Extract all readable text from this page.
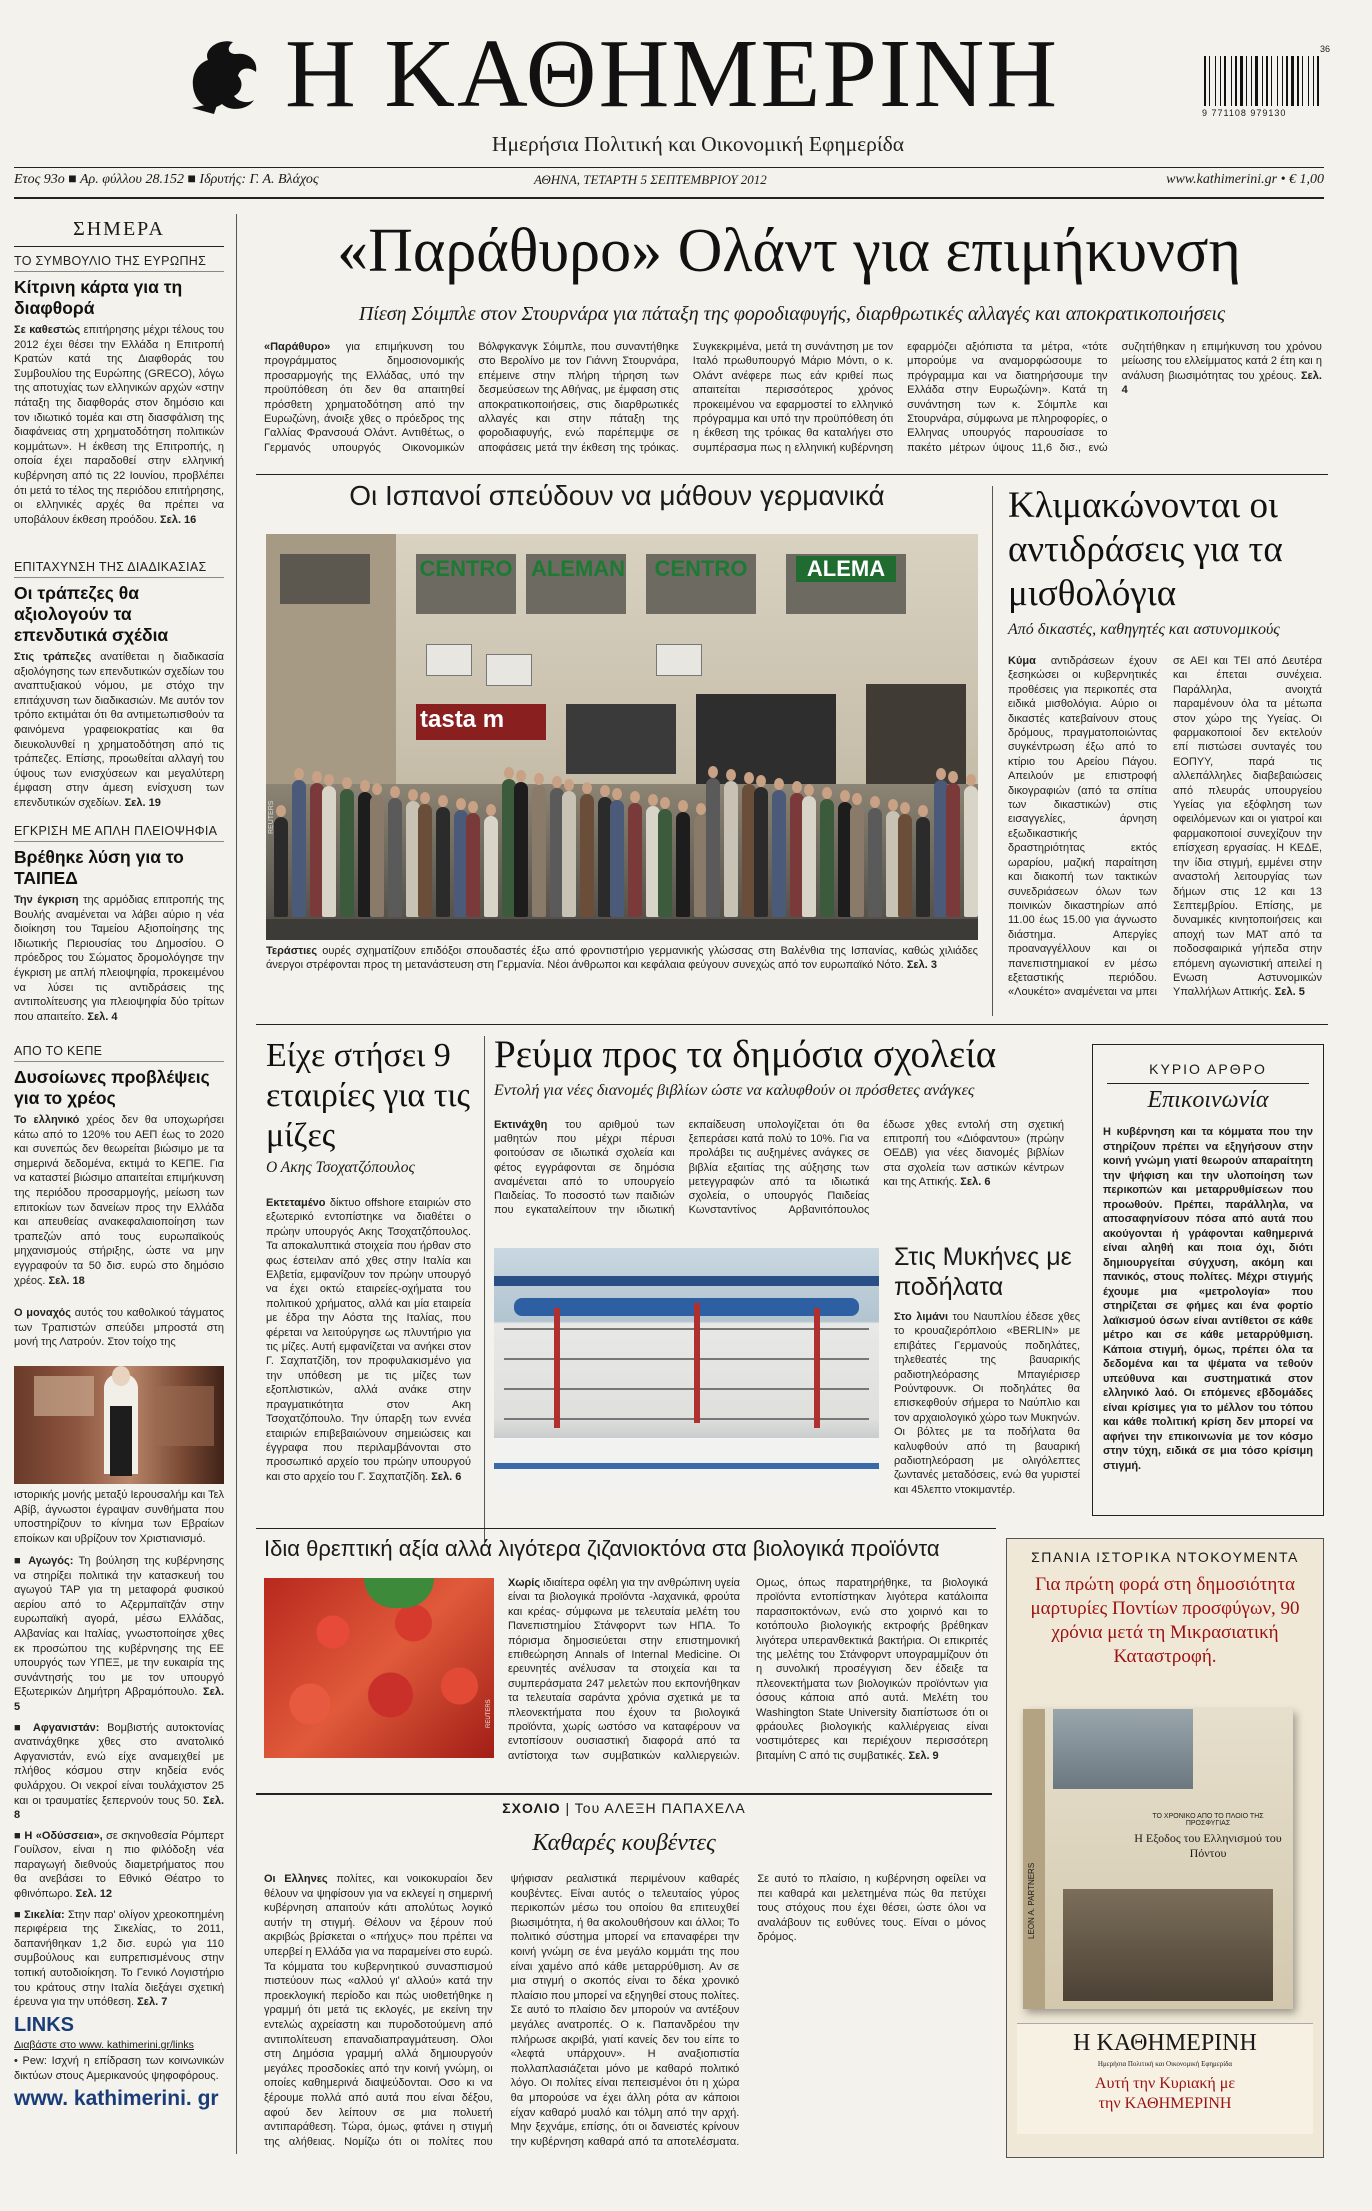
Η ΚΑΘΗΜΕΡΙΝΗ
Ημερήσια Πολιτική και Οικονομική Εφημερίδα
36
9 771108 979130
Ετος 93ο ■ Αρ. φύλλου 28.152 ■ Ιδρυτής: Γ. Α. Βλάχος	ΑΘΗΝΑ, ΤΕΤΑΡΤΗ 5 ΣΕΠΤΕΜΒΡΙΟΥ 2012	www.kathimerini.gr • € 1,00
ΣΗΜΕΡΑ
ΤΟ ΣΥΜΒΟΥΛΙΟ ΤΗΣ ΕΥΡΩΠΗΣ
Κίτρινη κάρτα για τη διαφθορά

Σε καθεστώς επιτήρησης μέχρι τέλους του 2012 έχει θέσει την Ελλάδα η Επιτροπή Κρατών κατά της Διαφθοράς του Συμβουλίου της Ευρώπης (GRECO), λόγω της αποτυχίας των ελληνικών αρχών «στην πάταξη της διαφθοράς στον δημόσιο και τον ιδιωτικό τομέα και στη διασφάλιση της διαφάνειας στη χρηματοδότηση πολιτικών κομμάτων». Η έκθεση της Επιτροπής, η οποία έχει παραδοθεί στην ελληνική κυβέρνηση από τις 22 Ιουνίου, προβλέπει ότι μετά το τέλος της περιόδου επιτήρησης, οι ελληνικές αρχές θα πρέπει να υποβάλουν έκθεση προόδου. Σελ. 16

ΕΠΙΤΑΧΥΝΣΗ ΤΗΣ ΔΙΑΔΙΚΑΣΙΑΣ
Οι τράπεζες θα αξιολογούν τα επενδυτικά σχέδια

Στις τράπεζες ανατίθεται η διαδικασία αξιολόγησης των επενδυτικών σχεδίων του αναπτυξιακού νόμου, με στόχο την επιτάχυνση των διαδικασιών. Με αυτόν τον τρόπο εκτιμάται ότι θα αντιμετωπισθούν τα φαινόμενα γραφειοκρατίας και θα διευκολυνθεί η χρηματοδότηση από τις τράπεζες. Επίσης, προωθείται αλλαγή του ύψους των ενισχύσεων και μεγαλύτερη έμφαση στην άμεση ενίσχυση των επενδυτικών σχεδίων. Σελ. 19

ΕΓΚΡΙΣΗ ΜΕ ΑΠΛΗ ΠΛΕΙΟΨΗΦΙΑ
Βρέθηκε λύση για το ΤΑΙΠΕΔ

Την έγκριση της αρμόδιας επιτροπής της Βουλής αναμένεται να λάβει αύριο η νέα διοίκηση του Ταμείου Αξιοποίησης της Ιδιωτικής Περιουσίας του Δημοσίου. Ο πρόεδρος του Σώματος δρομολόγησε την έγκριση με απλή πλειοψηφία, προκειμένου να λύσει τις αντιδράσεις της αντιπολίτευσης για πλειοψηφία δύο τρίτων που απαιτείτο. Σελ. 4

ΑΠΟ ΤΟ ΚΕΠΕ
Δυσοίωνες προβλέψεις για το χρέος

Το ελληνικό χρέος δεν θα υποχωρήσει κάτω από το 120% του ΑΕΠ έως το 2020 και συνεπώς δεν θεωρείται βιώσιμο με τα σημερινά δεδομένα, εκτιμά το ΚΕΠΕ. Για να καταστεί βιώσιμο απαιτείται επιμήκυνση της περιόδου προσαρμογής, μείωση των επιτοκίων των δανείων προς την Ελλάδα και απευθείας ανακεφαλαιοποίηση των τραπεζών από τους ευρωπαϊκούς μηχανισμούς στήριξης, ώστε να μην εγγραφούν τα 50 δισ. ευρώ στο δημόσιο χρέος. Σελ. 18

Ο μοναχός αυτός του καθολικού τάγματος των Τραπιστών σπεύδει μπροστά στη μονή της Λατρούν. Στον τοίχο της

ιστορικής μονής μεταξύ Ιερουσαλήμ και Τελ Αβίβ, άγνωστοι έγραψαν συνθήματα που υποστηρίζουν το κίνημα των Εβραίων εποίκων και υβρίζουν τον Χριστιανισμό.

■ Αγωγός: Τη βούληση της κυβέρνησης να στηρίξει πολιτικά την κατασκευή του αγωγού TAP για τη μεταφορά φυσικού αερίου από το Αζερμπαϊτζάν στην ευρωπαϊκή αγορά, μέσω Ελλάδας, Αλβανίας και Ιταλίας, γνωστοποίησε χθες εκ προσώπου της κυβέρνησης της ΕΕ υπουργός των ΥΠΕΞ, με την ευκαιρία της συνάντησής του με τον υπουργό Εξωτερικών Δημήτρη Αβραμόπουλο. Σελ. 5

■ Αφγανιστάν: Βομβιστής αυτοκτονίας ανατινάχθηκε χθες στο ανατολικό Αφγανιστάν, ενώ είχε αναμειχθεί με πλήθος κόσμου στην κηδεία ενός φυλάρχου. Οι νεκροί είναι τουλάχιστον 25 και οι τραυματίες ξεπερνούν τους 50. Σελ. 8

■ Η «Οδύσσεια», σε σκηνοθεσία Ρόμπερτ Γουίλσον, είναι η πιο φιλόδοξη νέα παραγωγή διεθνούς διαμετρήματος που θα ανεβάσει το Εθνικό Θέατρο το φθινόπωρο. Σελ. 12

■ Σικελία: Στην παρ' ολίγον χρεοκοπημένη περιφέρεια της Σικελίας, το 2011, δαπανήθηκαν 1,2 δισ. ευρώ για 110 συμβούλους και ευπρεπισμένους στην τοπική αυτοδιοίκηση. Το Γενικό Λογιστήριο του κράτους στην Ιταλία διεξάγει σχετική έρευνα για την υπόθεση. Σελ. 7

LINKS
Διαβάστε στο www. kathimerini.gr/links

• Pew: Ισχνή η επίδραση των κοινωνικών δικτύων στους Αμερικανούς ψηφοφόρους.

www. kathimerini. gr
«Παράθυρο» Ολάντ για επιμήκυνση
Πίεση Σόιμπλε στον Στουρνάρα για πάταξη της φοροδιαφυγής, διαρθρωτικές αλλαγές και αποκρατικοποιήσεις

«Παράθυρο» για επιμήκυνση του προγράμματος δημοσιονομικής προσαρμογής της Ελλάδας, υπό την προϋπόθεση ότι δεν θα απαιτηθεί πρόσθετη χρηματοδότηση από την Ευρωζώνη, άνοιξε χθες ο πρόεδρος της Γαλλίας Φρανσουά Ολάντ. Αντιθέτως, ο Γερμανός υπουργός Οικονομικών Βόλφγκανγκ Σόιμπλε, που συναντήθηκε στο Βερολίνο με τον Γιάννη Στουρνάρα, επέμεινε στην πλήρη τήρηση των δεσμεύσεων της Αθήνας, με έμφαση στις αποκρατικοποιήσεις, στις διαρθρωτικές αλλαγές και στην πάταξη της φοροδιαφυγής, ενώ παρέπεμψε σε αποφάσεις μετά την έκθεση της τρόικας. Συγκεκριμένα, μετά τη συνάντηση με τον Ιταλό πρωθυπουργό Μάριο Μόντι, ο κ. Ολάντ ανέφερε πως εάν κριθεί πως απαιτείται περισσότερος χρόνος προκειμένου να εφαρμοστεί το ελληνικό πρόγραμμα και υπό την προϋπόθεση ότι η έκθεση της τρόικας θα καταλήγει στο συμπέρασμα πως η ελληνική κυβέρνηση εφαρμόζει αξιόπιστα τα μέτρα, «τότε μπορούμε να αναμορφώσουμε το πρόγραμμα και να διατηρήσουμε την Ελλάδα στην Ευρωζώνη». Κατά τη συνάντηση των κ. Σόιμπλε και Στουρνάρα, σύμφωνα με πληροφορίες, ο Ελληνας υπουργός παρουσίασε το πακέτο μέτρων ύψους 11,6 δισ., ενώ συζητήθηκαν η επιμήκυνση του χρόνου μείωσης του ελλείμματος κατά 2 έτη και η ανάλυση βιωσιμότητας του χρέους. Σελ. 4

Οι Ισπανοί σπεύδουν να μάθουν γερμανικά
CENTRO ALEMAN	CENTRO	ALEMA
tasta m
REUTERS

Τεράστιες ουρές σχηματίζουν επιδόξοι σπουδαστές έξω από φροντιστήριο γερμανικής γλώσσας στη Βαλένθια της Ισπανίας, καθώς χιλιάδες άνεργοι στρέφονται προς τη μετανάστευση στη Γερμανία. Νέοι άνθρωποι και κεφάλαια φεύγουν συνεχώς από τον ευρωπαϊκό Νότο. Σελ. 3

Κλιμακώνονται οι αντιδράσεις για τα μισθολόγια
Από δικαστές, καθηγητές και αστυνομικούς

Κύμα αντιδράσεων έχουν ξεσηκώσει οι κυβερνητικές προθέσεις για περικοπές στα ειδικά μισθολόγια. Αύριο οι δικαστές κατεβαίνουν στους δρόμους, πραγματοποιώντας συγκέντρωση έξω από το κτίριο του Αρείου Πάγου. Απειλούν με επιστροφή δικογραφιών (από τα σπίτια των δικαστικών) στις εισαγγελίες, άρνηση εξωδικαστικής δραστηριότητας εκτός ωραρίου, μαζική παραίτηση και διακοπή των τακτικών συνεδριάσεων όλων των ποινικών δικαστηρίων από 11.00 έως 15.00 για άγνωστο διάστημα. Απεργίες προαναγγέλλουν και οι πανεπιστημιακοί εν μέσω εξεταστικής περιόδου. «Λουκέτο» αναμένεται να μπει σε ΑΕΙ και ΤΕΙ από Δευτέρα και έπεται συνέχεια. Παράλληλα, ανοιχτά παραμένουν όλα τα μέτωπα στον χώρο της Υγείας. Οι φαρμακοποιοί δεν εκτελούν επί πιστώσει συνταγές του ΕΟΠΥΥ, παρά τις αλλεπάλληλες διαβεβαιώσεις από πλευράς υπουργείου Υγείας για εξόφληση των οφειλόμενων και οι γιατροί και φαρμακοποιοί συνεχίζουν την επίσχεση εργασίας. Η ΚΕΔΕ, την ίδια στιγμή, εμμένει στην αναστολή λειτουργίας των δήμων στις 12 και 13 Σεπτεμβρίου. Επίσης, με δυναμικές κινητοποιήσεις και αποχή των ΜΑΤ από τα ποδοσφαιρικά γήπεδα στην επόμενη αγωνιστική απειλεί η Ενωση Αστυνομικών Υπαλλήλων Αττικής. Σελ. 5

Είχε στήσει 9 εταιρίες για τις μίζες
Ο Ακης Τσοχατζόπουλος

Εκτεταμένο δίκτυο offshore εταιριών στο εξωτερικό εντοπίστηκε να διαθέτει ο πρώην υπουργός Ακης Τσοχατζόπουλος. Τα αποκαλυπτικά στοιχεία που ήρθαν στο φως έστειλαν από χθες στην Ιταλία και Ελβετία, εμφανίζουν τον πρώην υπουργό να έχει οκτώ εταιρείες-οχήματα του πολιτικού χρήματος, αλλά και μία εταιρεία με έδρα την Αόστα της Ιταλίας, που φέρεται να λειτούργησε ως πλυντήριο για τις μίζες. Αυτή εμφανίζεται να ανήκει στον Γ. Σαχπατζίδη, τον προφυλακισμένο για την υπόθεση με τις μίζες των εξοπλιστικών, αλλά ανάκε στην πραγματικότητα στον Ακη Τσοχατζόπουλο. Την ύπαρξη των εννέα εταιριών επιβεβαιώνουν σημειώσεις και έγγραφα που περιλαμβάνονται στο προσωπικό αρχείο του πρώην υπουργού και στο αρχείο του Γ. Σαχπατζίδη. Σελ. 6

Ρεύμα προς τα δημόσια σχολεία
Εντολή για νέες διανομές βιβλίων ώστε να καλυφθούν οι πρόσθετες ανάγκες

Εκτινάχθη του αριθμού των μαθητών που μέχρι πέρυσι φοιτούσαν σε ιδιωτικά σχολεία και φέτος εγγράφονται σε δημόσια αναμένεται από το υπουργείο Παιδείας. Το ποσοστό των παιδιών που εγκαταλείπουν την ιδιωτική εκπαίδευση υπολογίζεται ότι θα ξεπεράσει κατά πολύ το 10%. Για να προλάβει τις αυξημένες ανάγκες σε βιβλία εξαιτίας της αύξησης των μετεγγραφών από τα ιδιωτικά σχολεία, ο υπουργός Παιδείας Κωνσταντίνος Αρβανιτόπουλος έδωσε χθες εντολή στη σχετική επιτροπή του «Διόφαντου» (πρώην ΟΕΔΒ) για νέες διανομές βιβλίων στα σχολεία των αστικών κέντρων και της Αττικής. Σελ. 6

Στις Μυκήνες με ποδήλατα

Στο λιμάνι του Ναυπλίου έδεσε χθες το κρουαζιερόπλοιο «BERLIN» με επιβάτες Γερμανούς ποδηλάτες, τηλεθεατές της βαυαρικής ραδιοτηλεόρασης Μπαγιέρισερ Ρούντφουνκ. Οι ποδηλάτες θα επισκεφθούν σήμερα το Ναύπλιο και τον αρχαιολογικό χώρο των Μυκηνών. Οι βόλτες με τα ποδήλατα θα καλυφθούν από τη βαυαρική ραδιοτηλεόραση με ολιγόλεπτες ζωντανές μεταδόσεις, ενώ θα γυριστεί και 45λεπτο ντοκιμαντέρ.

ΚΥΡΙΟ ΑΡΘΡΟ
Επικοινωνία

Η κυβέρνηση και τα κόμματα που την στηρίζουν πρέπει να εξηγήσουν στην κοινή γνώμη γιατί θεωρούν απαραίτητη την ψήφιση και την υλοποίηση των περικοπών και μεταρρυθμίσεων που προωθούν. Πρέπει, παράλληλα, να αποσαφηνίσουν πόσα από αυτά που ακούγονται ή γράφονται καθημερινά είναι αληθή και ποια όχι, διότι δημιουργείται σύγχυση, ακόμη και πανικός, στους πολίτες. Μέχρι στιγμής έχουμε μια «μετρολογία» που στηρίζεται σε φήμες και ένα φορτίο λαϊκισμού όσων είναι αντίθετοι σε κάθε μέτρο και σε κάθε μεταρρύθμιση. Κάποια στιγμή, όμως, πρέπει όλα τα δεδομένα και τα ψέματα να τεθούν υπεύθυνα και συστηματικά στον ελληνικό λαό. Οι επόμενες εβδομάδες είναι κρίσιμες για το μέλλον του τόπου και κάθε πολιτική κρίση δεν μπορεί να αφήνει την επικοινωνία με τον κόσμο στην τύχη, ειδικά σε μια τόσο κρίσιμη στιγμή.

Ιδια θρεπτική αξία αλλά λιγότερα ζιζανιοκτόνα στα βιολογικά προϊόντα
REUTERS

Χωρίς ιδιαίτερα οφέλη για την ανθρώπινη υγεία είναι τα βιολογικά προϊόντα -λαχανικά, φρούτα και κρέας- σύμφωνα με τελευταία μελέτη του Πανεπιστημίου Στάνφορντ των ΗΠΑ. Το πόρισμα δημοσιεύεται στην επιστημονική επιθεώρηση Annals of Internal Medicine. Οι ερευνητές ανέλυσαν τα στοιχεία και τα συμπεράσματα 247 μελετών που εκπονήθηκαν τα τελευταία σαράντα χρόνια σχετικά με τα πλεονεκτήματα που έχουν τα βιολογικά προϊόντα, χωρίς ωστόσο να καταφέρουν να εντοπίσουν ουσιαστική διαφορά από τα αντίστοιχα των συμβατικών καλλιεργειών. Ομως, όπως παρατηρήθηκε, τα βιολογικά προϊόντα εντοπίστηκαν λιγότερα κατάλοιπα παρασιτοκτόνων, ενώ στο χοιρινό και το κοτόπουλο βιολογικής εκτροφής βρέθηκαν λιγότερα υπερανθεκτικά βακτήρια. Οι επικριτές της μελέτης του Στάνφορντ υπογραμμίζουν ότι η συνολική προσέγγιση δεν έδειξε τα πλεονεκτήματα των βιολογικών προϊόντων για όσους κάποια από αυτά. Μελέτη του Washington State University διαπίστωσε ότι οι φράουλες βιολογικής καλλιέργειας είναι νοστιμότερες και περιέχουν περισσότερη βιταμίνη C από τις συμβατικές. Σελ. 9

ΣΧΟΛΙΟ | Του ΑΛΕΞΗ ΠΑΠΑΧΕΛΑ
Καθαρές κουβέντες

Οι Ελληνες πολίτες, και νοικοκυραίοι δεν θέλουν να ψηφίσουν για να εκλεγεί η σημερινή κυβέρνηση απαιτούν κάτι απολύτως λογικό αυτήν τη στιγμή. Θέλουν να ξέρουν πού ακριβώς βρίσκεται ο «πήχυς» που πρέπει να υπερβεί η Ελλάδα για να παραμείνει στο ευρώ. Τα κόμματα του κυβερνητικού συνασπισμού πιστεύουν πως «αλλού γι' αλλού» κατά την προεκλογική περίοδο και πώς υιοθετήθηκε η γραμμή ότι μετά τις εκλογές, με εκείνη την εντελώς αχρείαστη και πυροδοτούμενη από αντιπολίτευση επαναδιαπραγμάτευση. Ολοι στη Δημόσια γραμμή αλλά δημιουργούν μεγάλες προσδοκίες από την κοινή γνώμη, οι οποίες καθημερινά διαψεύδονται. Οσο κι να ξέρουμε πολλά από αυτά που είναι δέξου, αφού δεν λείπουν σε μια πολυετή αντιπαράθεση. Τώρα, όμως, φτάνει η στιγμή της αλήθειας. Νομίζω ότι οι πολίτες που ψήφισαν ρεαλιστικά περιμένουν καθαρές κουβέντες. Είναι αυτός ο τελευταίος γύρος περικοπών μέσω του οποίου θα επιτευχθεί βιωσιμότητα, ή θα ακολουθήσουν και άλλοι; Το πολιτικό σύστημα μπορεί να επαναφέρει την κοινή γνώμη σε ένα μεγάλο κομμάτι της που είναι χαμένο από κάθε μεταρρύθμιση. Αν σε μια στιγμή ο σκοπός είναι το δέκα χρονικό πλαίσιο που μπορεί να εξηγηθεί στους πολίτες. Σε αυτό το πλαίσιο δεν μπορούν να αντέξουν μεγάλες ανατροπές. Ο κ. Παπανδρέου την πλήρωσε ακριβά, γιατί κανείς δεν του είπε το «λεφτά υπάρχουν». Η αναξιοπιστία πολλαπλασιάζεται μόνο με καθαρό πολιτικό λόγο. Οι πολίτες είναι πεπεισμένοι ότι η χώρα θα μπορούσε να έχει άλλη ρότα αν κάποιοι είχαν καθαρό μυαλό και τόλμη από την αρχή. Μην ξεχνάμε, επίσης, ότι οι δανειστές κρίνουν την κυβέρνηση καθαρά από τα αποτελέσματα. Σε αυτό το πλαίσιο, η κυβέρνηση οφείλει να πει καθαρά και μελετημένα πώς θα πετύχει τους στόχους που έχει θέσει, ώστε όλοι να αναλάβουν τις ευθύνες τους. Είναι ο μόνος δρόμος.

ΣΠΑΝΙΑ ΙΣΤΟΡΙΚΑ ΝΤΟΚΟΥΜΕΝΤΑ
Για πρώτη φορά στη δημοσιότητα μαρτυρίες Ποντίων προσφύγων, 90 χρόνια μετά τη Μικρασιατική Καταστροφή.
LEON A. PARTNERS
ΤΟ ΧΡΟΝΙΚΟ ΑΠΟ ΤΟ ΠΛΟΙΟ ΤΗΣ ΠΡΟΣΦΥΓΙΑΣ
Η Εξοδος του Ελληνισμού του Πόντου
Η ΚΑΘΗΜΕΡΙΝΗ
Ημερήσια Πολιτική και Οικονομική Εφημερίδα
Αυτή την Κυριακή με την ΚΑΘΗΜΕΡΙΝΗ
